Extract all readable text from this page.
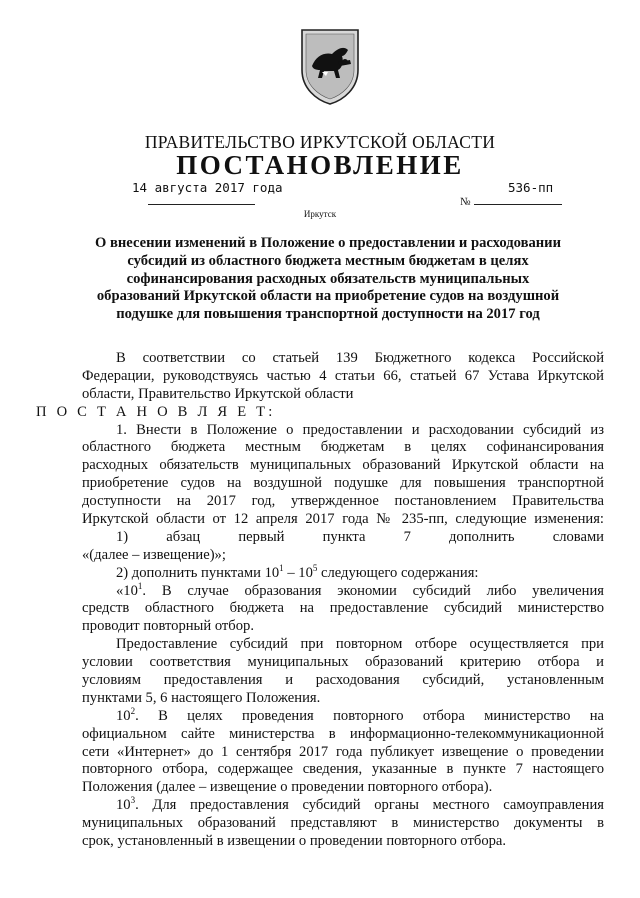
ПРАВИТЕЛЬСТВО ИРКУТСКОЙ ОБЛАСТИ
ПОСТАНОВЛЕНИЕ
14 августа 2017 года	536-пп
№
Иркутск
О внесении изменений в Положение о предоставлении и расходовании
субсидий из областного бюджета местным бюджетам в целях
софинансирования расходных обязательств муниципальных
образований Иркутской области на приобретение судов на воздушной
подушке для повышения транспортной доступности на 2017 год
В соответствии со статьей 139 Бюджетного кодекса Российской
Федерации, руководствуясь частью 4 статьи 66, статьей 67 Устава Иркутской
области, Правительство Иркутской области
П О С Т А Н О В Л Я Е Т:
1. Внести в Положение о предоставлении и расходовании субсидий из
областного бюджета местным бюджетам в целях софинансирования
расходных обязательств муниципальных образований Иркутской области на
приобретение судов на воздушной подушке для повышения транспортной
доступности на 2017 год, утвержденное постановлением Правительства
Иркутской области от 12 апреля 2017 года № 235-пп, следующие изменения:
1) абзац первый пункта 7 дополнить словами
«(далее – извещение)»;
2) дополнить пунктами $10^1 - 10^5$ следующего содержания:
«$10^1$. В случае образования экономии субсидий либо увеличения
средств областного бюджета на предоставление субсидий министерство
проводит повторный отбор.
Предоставление субсидий при повторном отборе осуществляется при
условии соответствия муниципальных образований критерию отбора и
условиям предоставления и расходования субсидий, установленным
пунктами 5, 6 настоящего Положения.
$10^2$. В целях проведения повторного отбора министерство на
официальном сайте министерства в информационно-телекоммуникационной
сети «Интернет» до 1 сентября 2017 года публикует извещение о проведении
повторного отбора, содержащее сведения, указанные в пункте 7 настоящего
Положения (далее – извещение о проведении повторного отбора).
$10^3$. Для предоставления субсидий органы местного самоуправления
муниципальных образований представляют в министерство документы в
срок, установленный в извещении о проведении повторного отбора.
